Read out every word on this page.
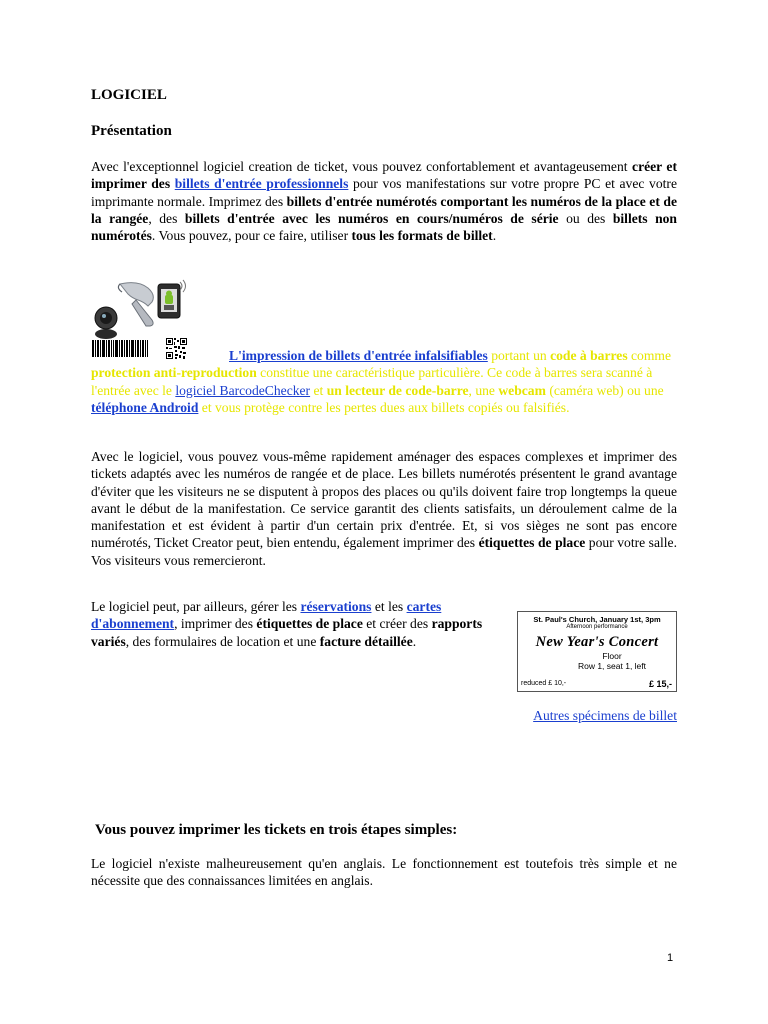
LOGICIEL
Présentation

Avec l'exceptionnel logiciel creation de ticket, vous pouvez confortablement et avantageusement créer et imprimer des billets d'entrée professionnels pour vos manifestations sur votre propre PC et avec votre imprimante normale. Imprimez des billets d'entrée numérotés comportant les numéros de la place et de la rangée, des billets d'entrée avec les numéros en cours/numéros de série ou des billets non numérotés. Vous pouvez, pour ce faire, utiliser tous les formats de billet.

L'impression de billets d'entrée infalsifiables portant un code à barres comme protection anti-reproduction constitue une caractéristique particulière. Ce code à barres sera scanné à l'entrée avec le logiciel BarcodeChecker et un lecteur de code-barre, une webcam (caméra web) ou une téléphone Android et vous protège contre les pertes dues aux billets copiés ou falsifiés.

Avec le logiciel, vous pouvez vous-même rapidement aménager des espaces complexes et imprimer des tickets adaptés avec les numéros de rangée et de place. Les billets numérotés présentent le grand avantage d'éviter que les visiteurs ne se disputent à propos des places ou qu'ils doivent faire trop longtemps la queue avant le début de la manifestation. Ce service garantit des clients satisfaits, un déroulement calme de la manifestation et est évident à partir d'un certain prix d'entrée. Et, si vos sièges ne sont pas encore numérotés, Ticket Creator peut, bien entendu, également imprimer des étiquettes de place pour votre salle. Vos visiteurs vous remercieront.

Le logiciel peut, par ailleurs, gérer les réservations et les cartes d'abonnement, imprimer des étiquettes de place et créer des rapports variés, des formulaires de location et une facture détaillée.

St. Paul's Church, January 1st, 3pm
Afternoon performance
New Year's Concert
Floor
Row 1, seat 1, left
reduced £ 10,-	£ 15,-
Autres spécimens de billet
Vous pouvez imprimer les tickets en trois étapes simples:

Le logiciel n'existe malheureusement qu'en anglais. Le fonctionnement est toutefois très simple et ne nécessite que des connaissances limitées en anglais.

1
